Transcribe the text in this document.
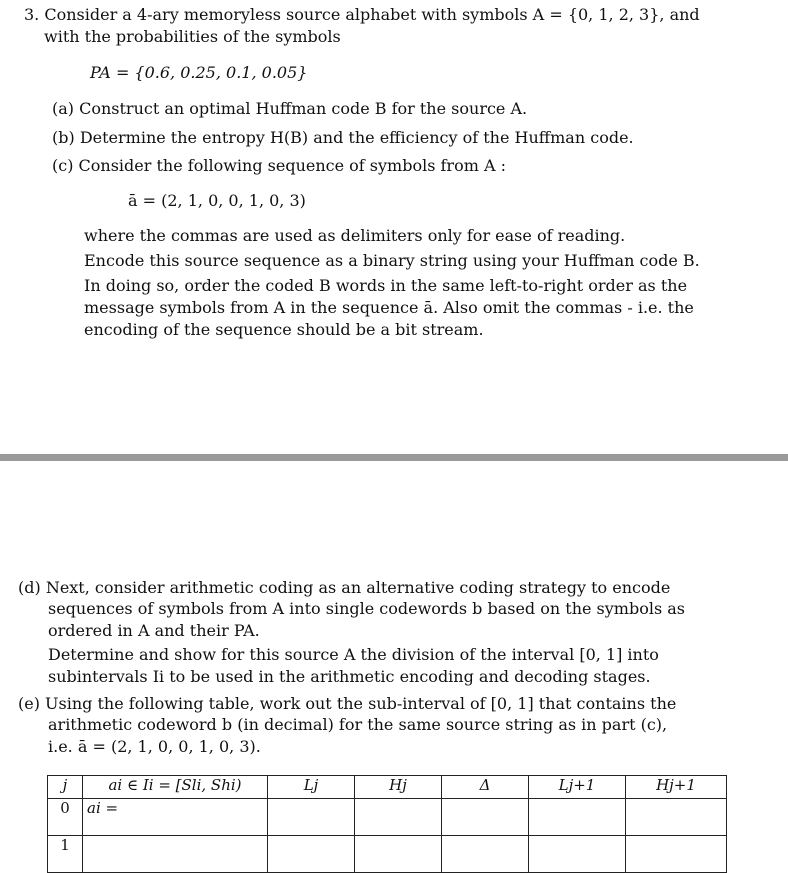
3. Consider a 4-ary memoryless source alphabet with symbols A = {0, 1, 2, 3}, and
with the probabilities of the symbols
PA = {0.6, 0.25, 0.1, 0.05}
(a) Construct an optimal Huffman code B for the source A.
(b) Determine the entropy H(B) and the efficiency of the Huffman code.
(c) Consider the following sequence of symbols from A :
ā = (2, 1, 0, 0, 1, 0, 3)
where the commas are used as delimiters only for ease of reading.
Encode this source sequence as a binary string using your Huffman code B.
In doing so, order the coded B words in the same left-to-right order as the
message symbols from A in the sequence ā. Also omit the commas - i.e. the
encoding of the sequence should be a bit stream.
(d) Next, consider arithmetic coding as an alternative coding strategy to encode
sequences of symbols from A into single codewords b based on the symbols as
ordered in A and their PA.
Determine and show for this source A the division of the interval [0, 1] into
subintervals Ii to be used in the arithmetic encoding and decoding stages.
(e) Using the following table, work out the sub-interval of [0, 1] that contains the
arithmetic codeword b (in decimal) for the same source string as in part (c),
i.e. ā = (2, 1, 0, 0, 1, 0, 3).
j	ai ∈ Ii = [Sli, Shi)	Lj	Hj	Δ	Lj+1	Hj+1
0	ai =					
1						
